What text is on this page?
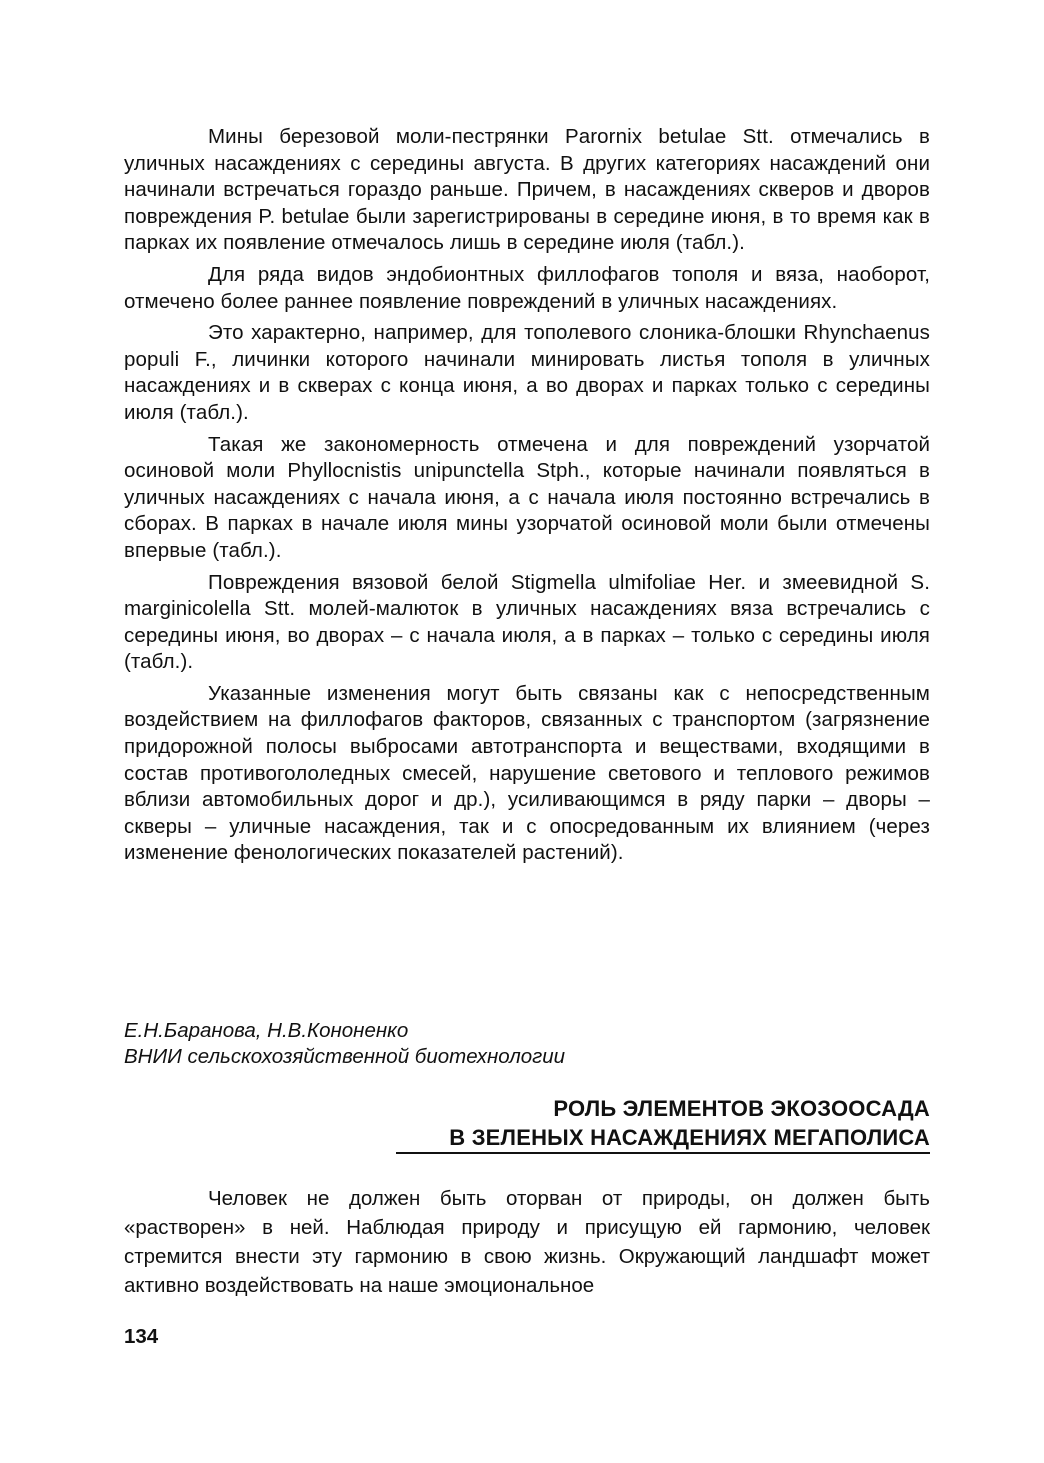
Мины березовой моли-пестрянки Parornix betulae Stt. отмечались в уличных насаждениях с середины августа. В других категориях насаждений они начинали встречаться гораздо раньше. Причем, в насаждениях скверов и дворов повреждения P. betulae были зарегистрированы в середине июня, в то время как в парках их появление отмечалось лишь в середине июля (табл.).

Для ряда видов эндобионтных филлофагов тополя и вяза, наоборот, отмечено более раннее появление повреждений в уличных насаждениях.

Это характерно, например, для тополевого слоника-блошки Rhynchaenus populi F., личинки которого начинали минировать листья тополя в уличных насаждениях и в скверах с конца июня, а во дворах и парках только с середины июля (табл.).

Такая же закономерность отмечена и для повреждений узорчатой осиновой моли Phyllocnistis unipunctella Stph., которые начинали появляться в уличных насаждениях с начала июня, а с начала июля постоянно встречались в сборах. В парках в начале июля мины узорчатой осиновой моли были отмечены впервые (табл.).

Повреждения вязовой белой Stigmella ulmifoliae Her. и змеевидной S. marginicolella Stt. молей-малюток в уличных насаждениях вяза встречались с середины июня, во дворах – с начала июля, а в парках – только с середины июля (табл.).

Указанные изменения могут быть связаны как с непосредственным воздействием на филлофагов факторов, связанных с транспортом (загрязнение придорожной полосы выбросами автотранспорта и веществами, входящими в состав противогололедных смесей, нарушение светового и теплового режимов вблизи автомобильных дорог и др.), усиливающимся в ряду парки – дворы – скверы – уличные насаждения, так и с опосредованным их влиянием (через изменение фенологических показателей растений).

Е.Н.Баранова, Н.В.Кононенко
ВНИИ сельскохозяйственной биотехнологии
РОЛЬ ЭЛЕМЕНТОВ ЭКОЗООСАДА
В ЗЕЛЕНЫХ НАСАЖДЕНИЯХ МЕГАПОЛИСА

Человек не должен быть оторван от природы, он должен быть «растворен» в ней. Наблюдая природу и присущую ей гармонию, человек стремится внести эту гармонию в свою жизнь. Окружающий ландшафт может активно воздействовать на наше эмоциональное

134
